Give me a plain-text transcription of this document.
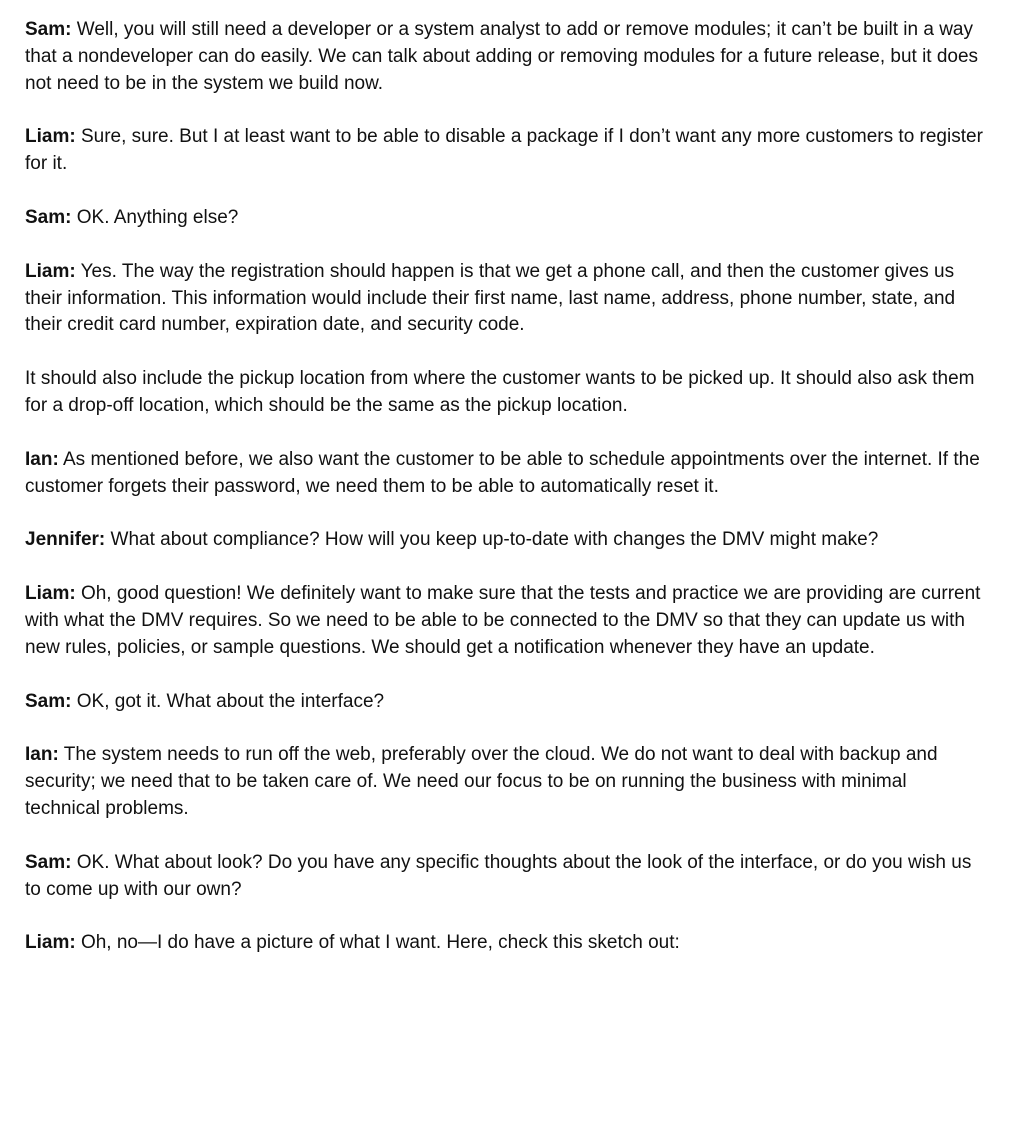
Sam: Well, you will still need a developer or a system analyst to add or remove modules; it can’t be built in a way that a nondeveloper can do easily. We can talk about adding or removing modules for a future release, but it does not need to be in the system we build now.

Liam: Sure, sure. But I at least want to be able to disable a package if I don’t want any more customers to register for it.

Sam: OK. Anything else?

Liam: Yes. The way the registration should happen is that we get a phone call, and then the customer gives us their information. This information would include their first name, last name, address, phone number, state, and their credit card number, expiration date, and security code.

It should also include the pickup location from where the customer wants to be picked up. It should also ask them for a drop-off location, which should be the same as the pickup location.

Ian: As mentioned before, we also want the customer to be able to schedule appointments over the internet. If the customer forgets their password, we need them to be able to automatically reset it.

Jennifer: What about compliance? How will you keep up-to-date with changes the DMV might make?

Liam: Oh, good question! We definitely want to make sure that the tests and practice we are providing are current with what the DMV requires. So we need to be able to be connected to the DMV so that they can update us with new rules, policies, or sample questions. We should get a notification whenever they have an update.

Sam: OK, got it. What about the interface?

Ian: The system needs to run off the web, preferably over the cloud. We do not want to deal with backup and security; we need that to be taken care of. We need our focus to be on running the business with minimal technical problems.

Sam: OK. What about look? Do you have any specific thoughts about the look of the interface, or do you wish us to come up with our own?

Liam: Oh, no—I do have a picture of what I want. Here, check this sketch out:
